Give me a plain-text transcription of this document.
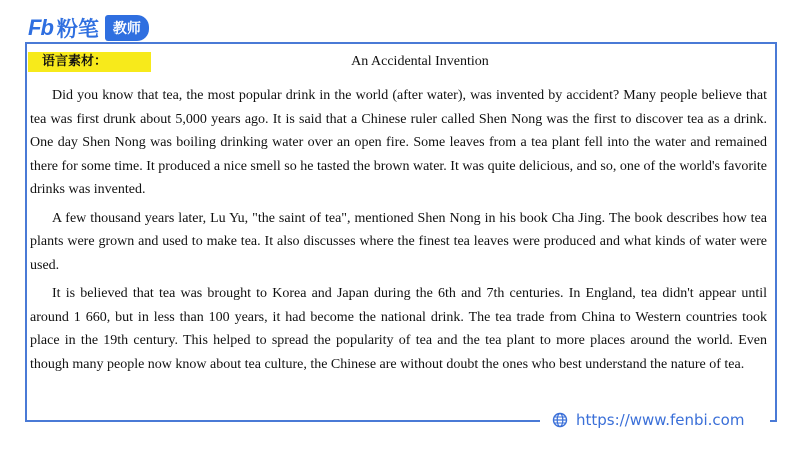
Fb 粉笔	教师
语言素材：	An Accidental Invention

Did you know that tea, the most popular drink in the world (after water), was invented by accident? Many people believe that tea was first drunk about 5,000 years ago. It is said that a Chinese ruler called Shen Nong was the first to discover tea as a drink. One day Shen Nong was boiling drinking water over an open fire. Some leaves from a tea plant fell into the water and remained there for some time. It produced a nice smell so he tasted the brown water. It was quite delicious, and so, one of the world's favorite drinks was invented.

A few thousand years later, Lu Yu, "the saint of tea", mentioned Shen Nong in his book Cha Jing. The book describes how tea plants were grown and used to make tea. It also discusses where the finest tea leaves were produced and what kinds of water were used.

It is believed that tea was brought to Korea and Japan during the 6th and 7th centuries. In England, tea didn't appear until around 1 660, but in less than 100 years, it had become the national drink. The tea trade from China to Western countries took place in the 19th century. This helped to spread the popularity of tea and the tea plant to more places around the world. Even though many people now know about tea culture, the Chinese are without doubt the ones who best understand the nature of tea.

https://www.fenbi.com
